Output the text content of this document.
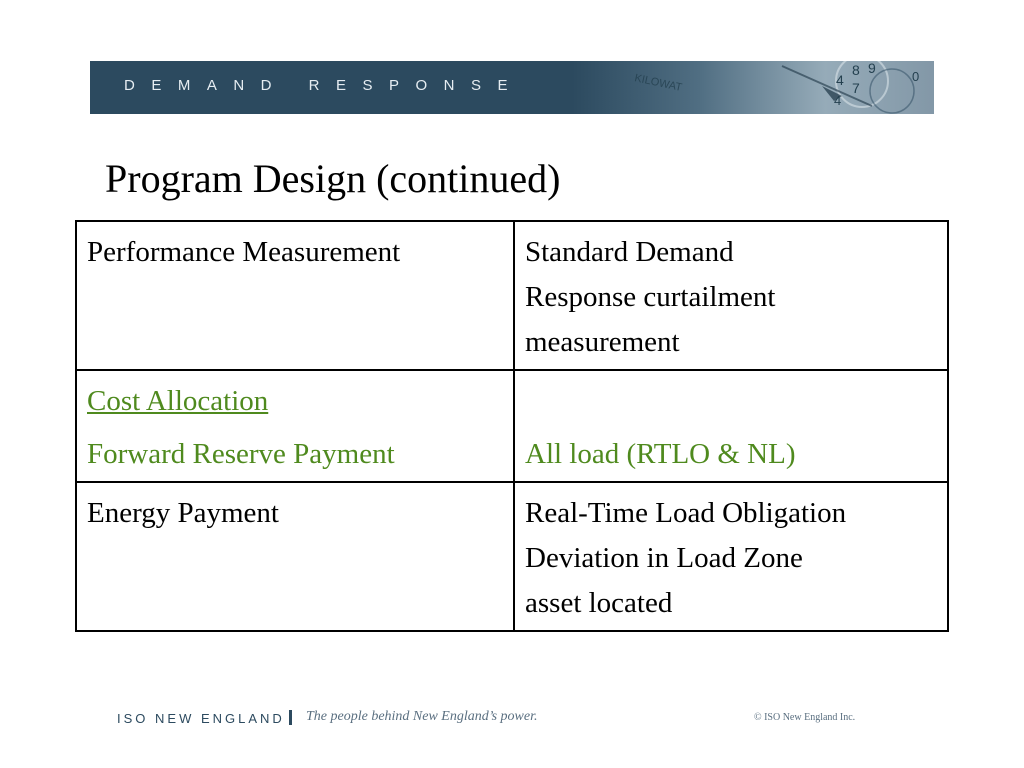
DEMAND RESPONSE	KILOWAT	4
8 9
7
4
0
Program Design (continued)
Performance Measurement	Standard Demand
Response curtailment
measurement

Cost Allocation
Forward Reserve Payment	All load (RTLO & NL)

Energy Payment	Real-Time Load Obligation
Deviation in Load Zone
asset located
ISO NEW ENGLAND The people behind New England’s power.	© ISO New England Inc.
